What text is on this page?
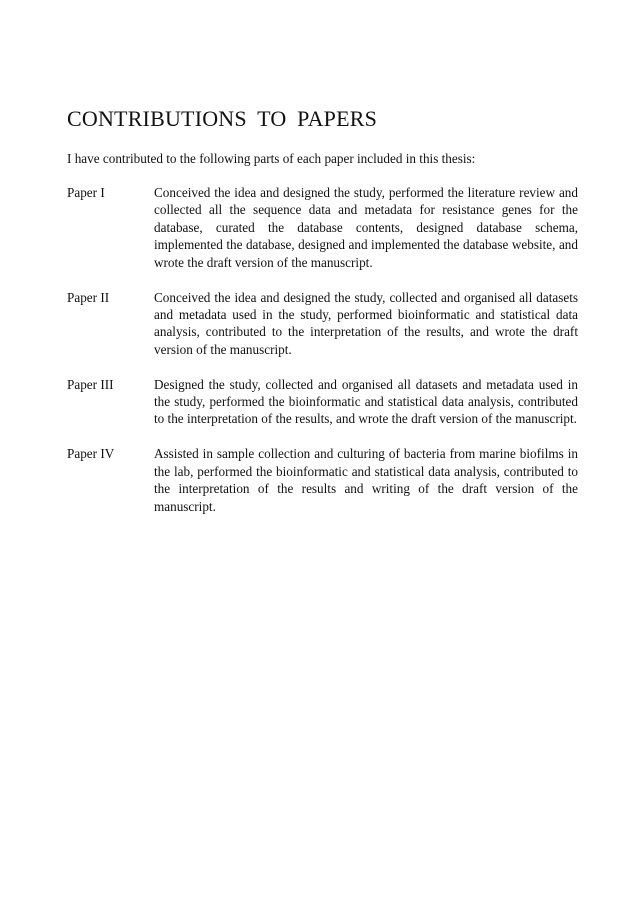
CONTRIBUTIONS TO PAPERS

I have contributed to the following parts of each paper included in this thesis:

Paper I	Conceived the idea and designed the study, performed the literature review and collected all the sequence data and metadata for resistance genes for the database, curated the database contents, designed database schema, implemented the database, designed and implemented the database website, and wrote the draft version of the manuscript.
Paper II	Conceived the idea and designed the study, collected and organised all datasets and metadata used in the study, performed bioinformatic and statistical data analysis, contributed to the interpretation of the results, and wrote the draft version of the manuscript.
Paper III	Designed the study, collected and organised all datasets and metadata used in the study, performed the bioinformatic and statistical data analysis, contributed to the interpretation of the results, and wrote the draft version of the manuscript.
Paper IV	Assisted in sample collection and culturing of bacteria from marine biofilms in the lab, performed the bioinformatic and statistical data analysis, contributed to the interpretation of the results and writing of the draft version of the manuscript.
